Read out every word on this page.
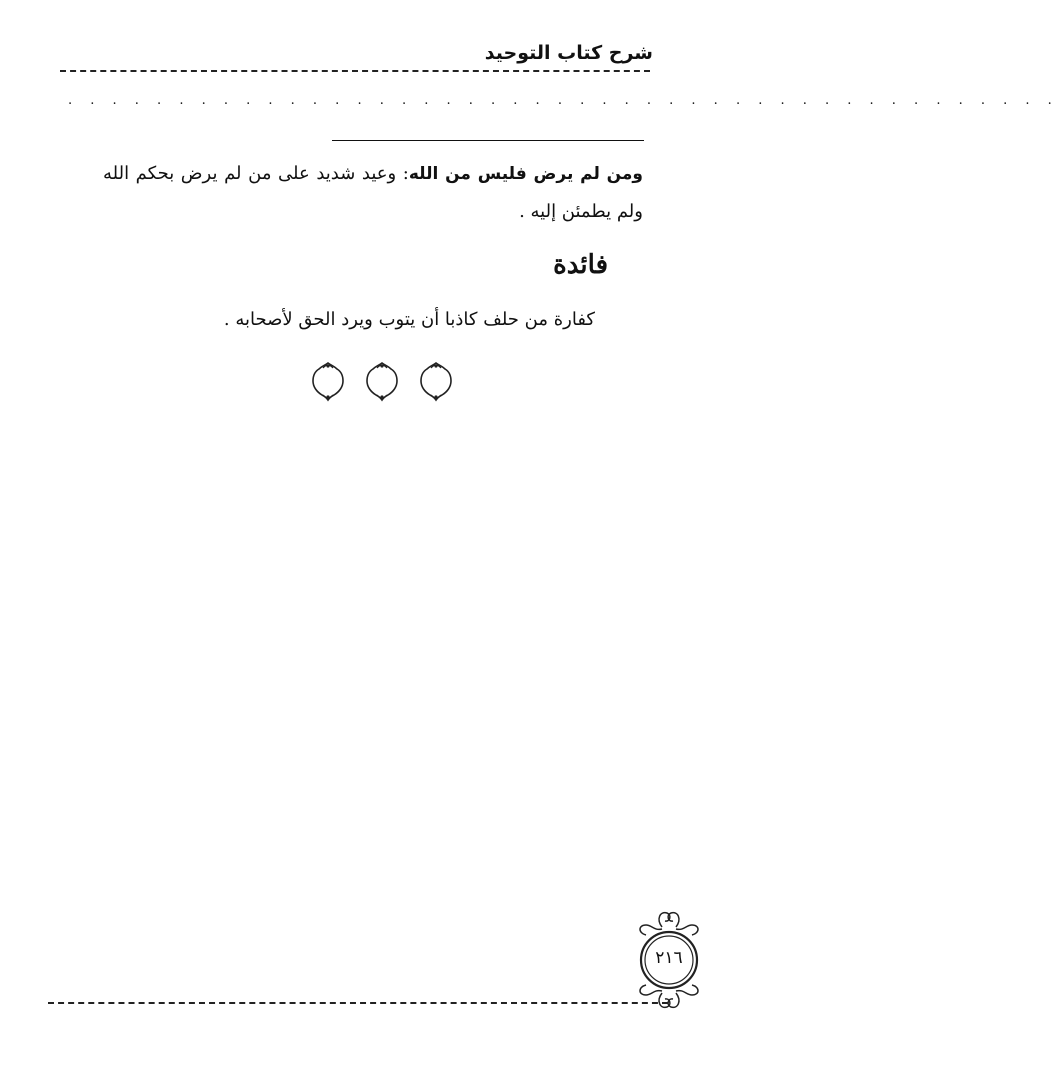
شرح كتاب التوحيد
. . . . . . . . . . . . . . . . . . . . . . . . . . . . . . . . . . . . . . . . . . . . .
ومن لم يرض فليس من الله: وعيد شديد على من لم يرض بحكم الله ولم يطمئن إليه .
فائدة
كفارة من حلف كاذبا أن يتوب ويرد الحق لأصحابه .
٢١٦
